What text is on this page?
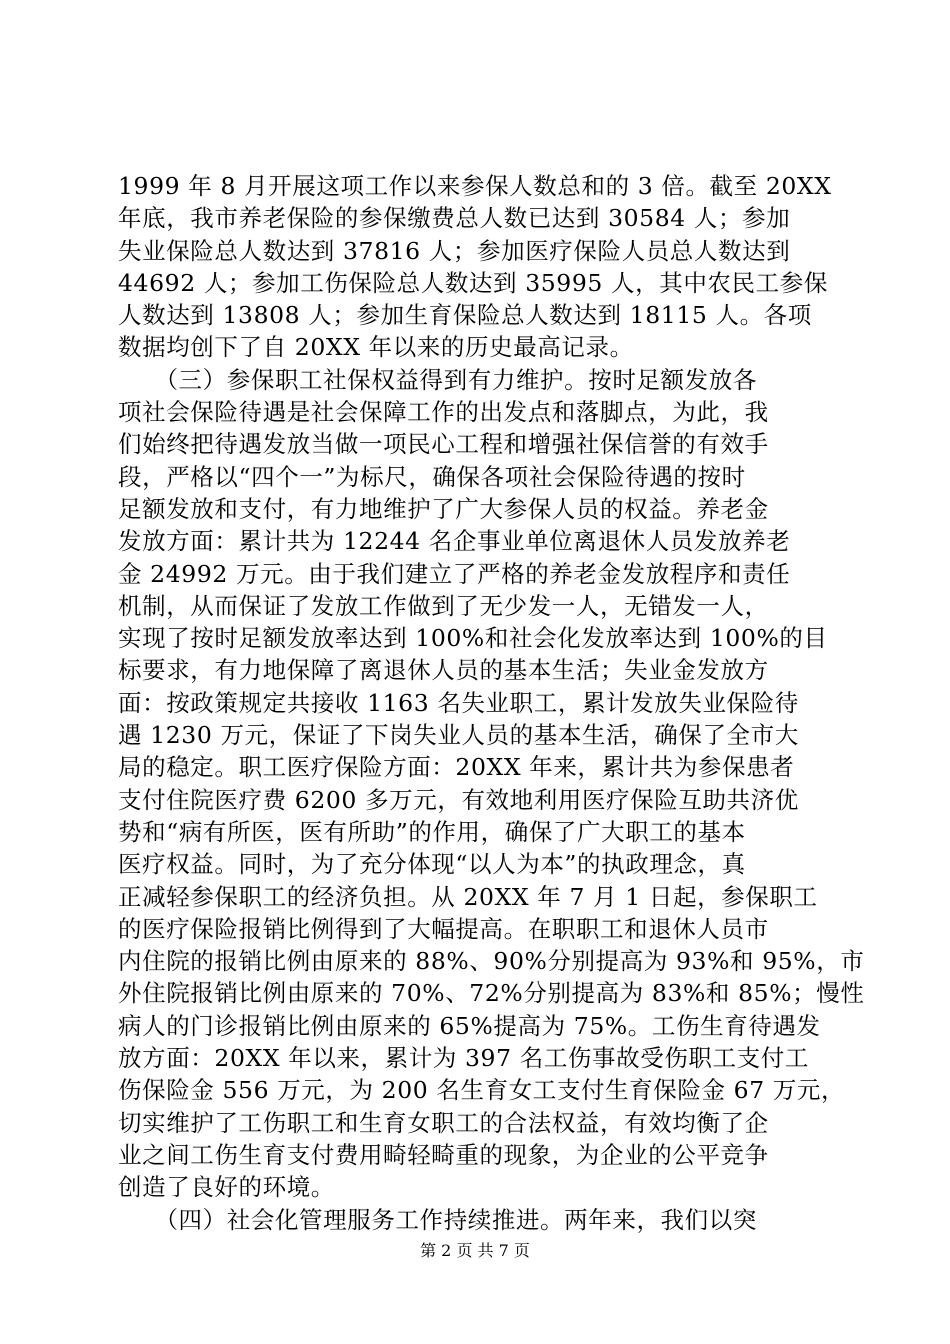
1999 年 8 月开展这项工作以来参保人数总和的 3 倍。截至 20XX
年底，我市养老保险的参保缴费总人数已达到 30584 人；参加
失业保险总人数达到 37816 人；参加医疗保险人员总人数达到
44692 人；参加工伤保险总人数达到 35995 人，其中农民工参保
人数达到 13808 人；参加生育保险总人数达到 18115 人。各项
数据均创下了自 20XX 年以来的历史最高记录。
　　（三）参保职工社保权益得到有力维护。按时足额发放各
项社会保险待遇是社会保障工作的出发点和落脚点，为此，我
们始终把待遇发放当做一项民心工程和增强社保信誉的有效手
段，严格以“四个一”为标尺，确保各项社会保险待遇的按时
足额发放和支付，有力地维护了广大参保人员的权益。养老金
发放方面：累计共为 12244 名企事业单位离退休人员发放养老
金 24992 万元。由于我们建立了严格的养老金发放程序和责任
机制，从而保证了发放工作做到了无少发一人，无错发一人，
实现了按时足额发放率达到 100%和社会化发放率达到 100%的目
标要求，有力地保障了离退休人员的基本生活；失业金发放方
面：按政策规定共接收 1163 名失业职工，累计发放失业保险待
遇 1230 万元，保证了下岗失业人员的基本生活，确保了全市大
局的稳定。职工医疗保险方面：20XX 年来，累计共为参保患者
支付住院医疗费 6200 多万元，有效地利用医疗保险互助共济优
势和“病有所医，医有所助”的作用，确保了广大职工的基本
医疗权益。同时，为了充分体现“以人为本”的执政理念，真
正减轻参保职工的经济负担。从 20XX 年 7 月 1 日起，参保职工
的医疗保险报销比例得到了大幅提高。在职职工和退休人员市
内住院的报销比例由原来的 88%、90%分别提高为 93%和 95%，市
外住院报销比例由原来的 70%、72%分别提高为 83%和 85%；慢性
病人的门诊报销比例由原来的 65%提高为 75%。工伤生育待遇发
放方面：20XX 年以来，累计为 397 名工伤事故受伤职工支付工
伤保险金 556 万元，为 200 名生育女工支付生育保险金 67 万元，
切实维护了工伤职工和生育女职工的合法权益，有效均衡了企
业之间工伤生育支付费用畸轻畸重的现象，为企业的公平竞争
创造了良好的环境。
　　（四）社会化管理服务工作持续推进。两年来，我们以突
第 2 页 共 7 页
